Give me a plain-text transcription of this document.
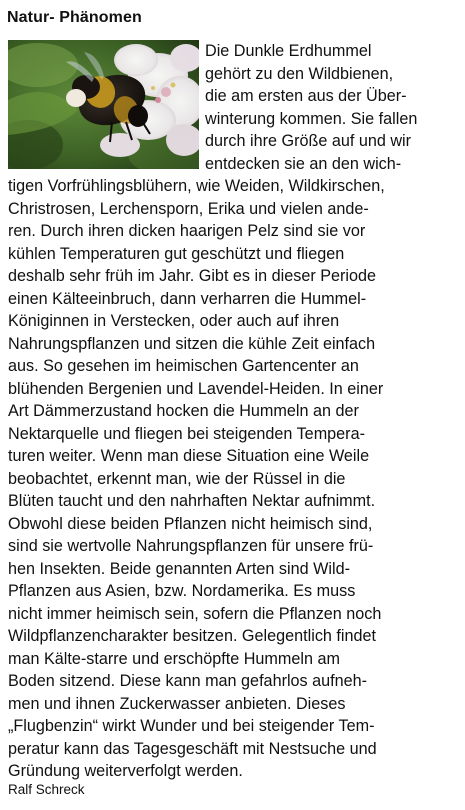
Natur- Phänomen
Die Dunkle Erdhummel
gehört zu den Wildbienen,
die am ersten aus der Über-
winterung kommen. Sie fallen
durch ihre Größe auf und wir
entdecken sie an den wich-
tigen Vorfrühlingsblühern, wie Weiden, Wildkirschen,
Christrosen, Lerchensporn, Erika und vielen ande-
ren. Durch ihren dicken haarigen Pelz sind sie vor
kühlen Temperaturen gut geschützt und fliegen
deshalb sehr früh im Jahr. Gibt es in dieser Periode
einen Kälteeinbruch, dann verharren die Hummel-
Königinnen in Verstecken, oder auch auf ihren
Nahrungspflanzen und sitzen die kühle Zeit einfach
aus. So gesehen im heimischen Gartencenter an
blühenden Bergenien und Lavendel-Heiden. In einer
Art Dämmerzustand hocken die Hummeln an der
Nektarquelle und fliegen bei steigenden Tempera-
turen weiter. Wenn man diese Situation eine Weile
beobachtet, erkennt man, wie der Rüssel in die
Blüten taucht und den nahrhaften Nektar aufnimmt.
Obwohl diese beiden Pflanzen nicht heimisch sind,
sind sie wertvolle Nahrungspflanzen für unsere frü-
hen Insekten. Beide genannten Arten sind Wild-
Pflanzen aus Asien, bzw. Nordamerika. Es muss
nicht immer heimisch sein, sofern die Pflanzen noch
Wildpflanzencharakter besitzen. Gelegentlich findet
man Kälte-starre und erschöpfte Hummeln am
Boden sitzend. Diese kann man gefahrlos aufneh-
men und ihnen Zuckerwasser anbieten. Dieses
„Flugbenzin“ wirkt Wunder und bei steigender Tem-
peratur kann das Tagesgeschäft mit Nestsuche und
Gründung weiterverfolgt werden.
Ralf Schreck
